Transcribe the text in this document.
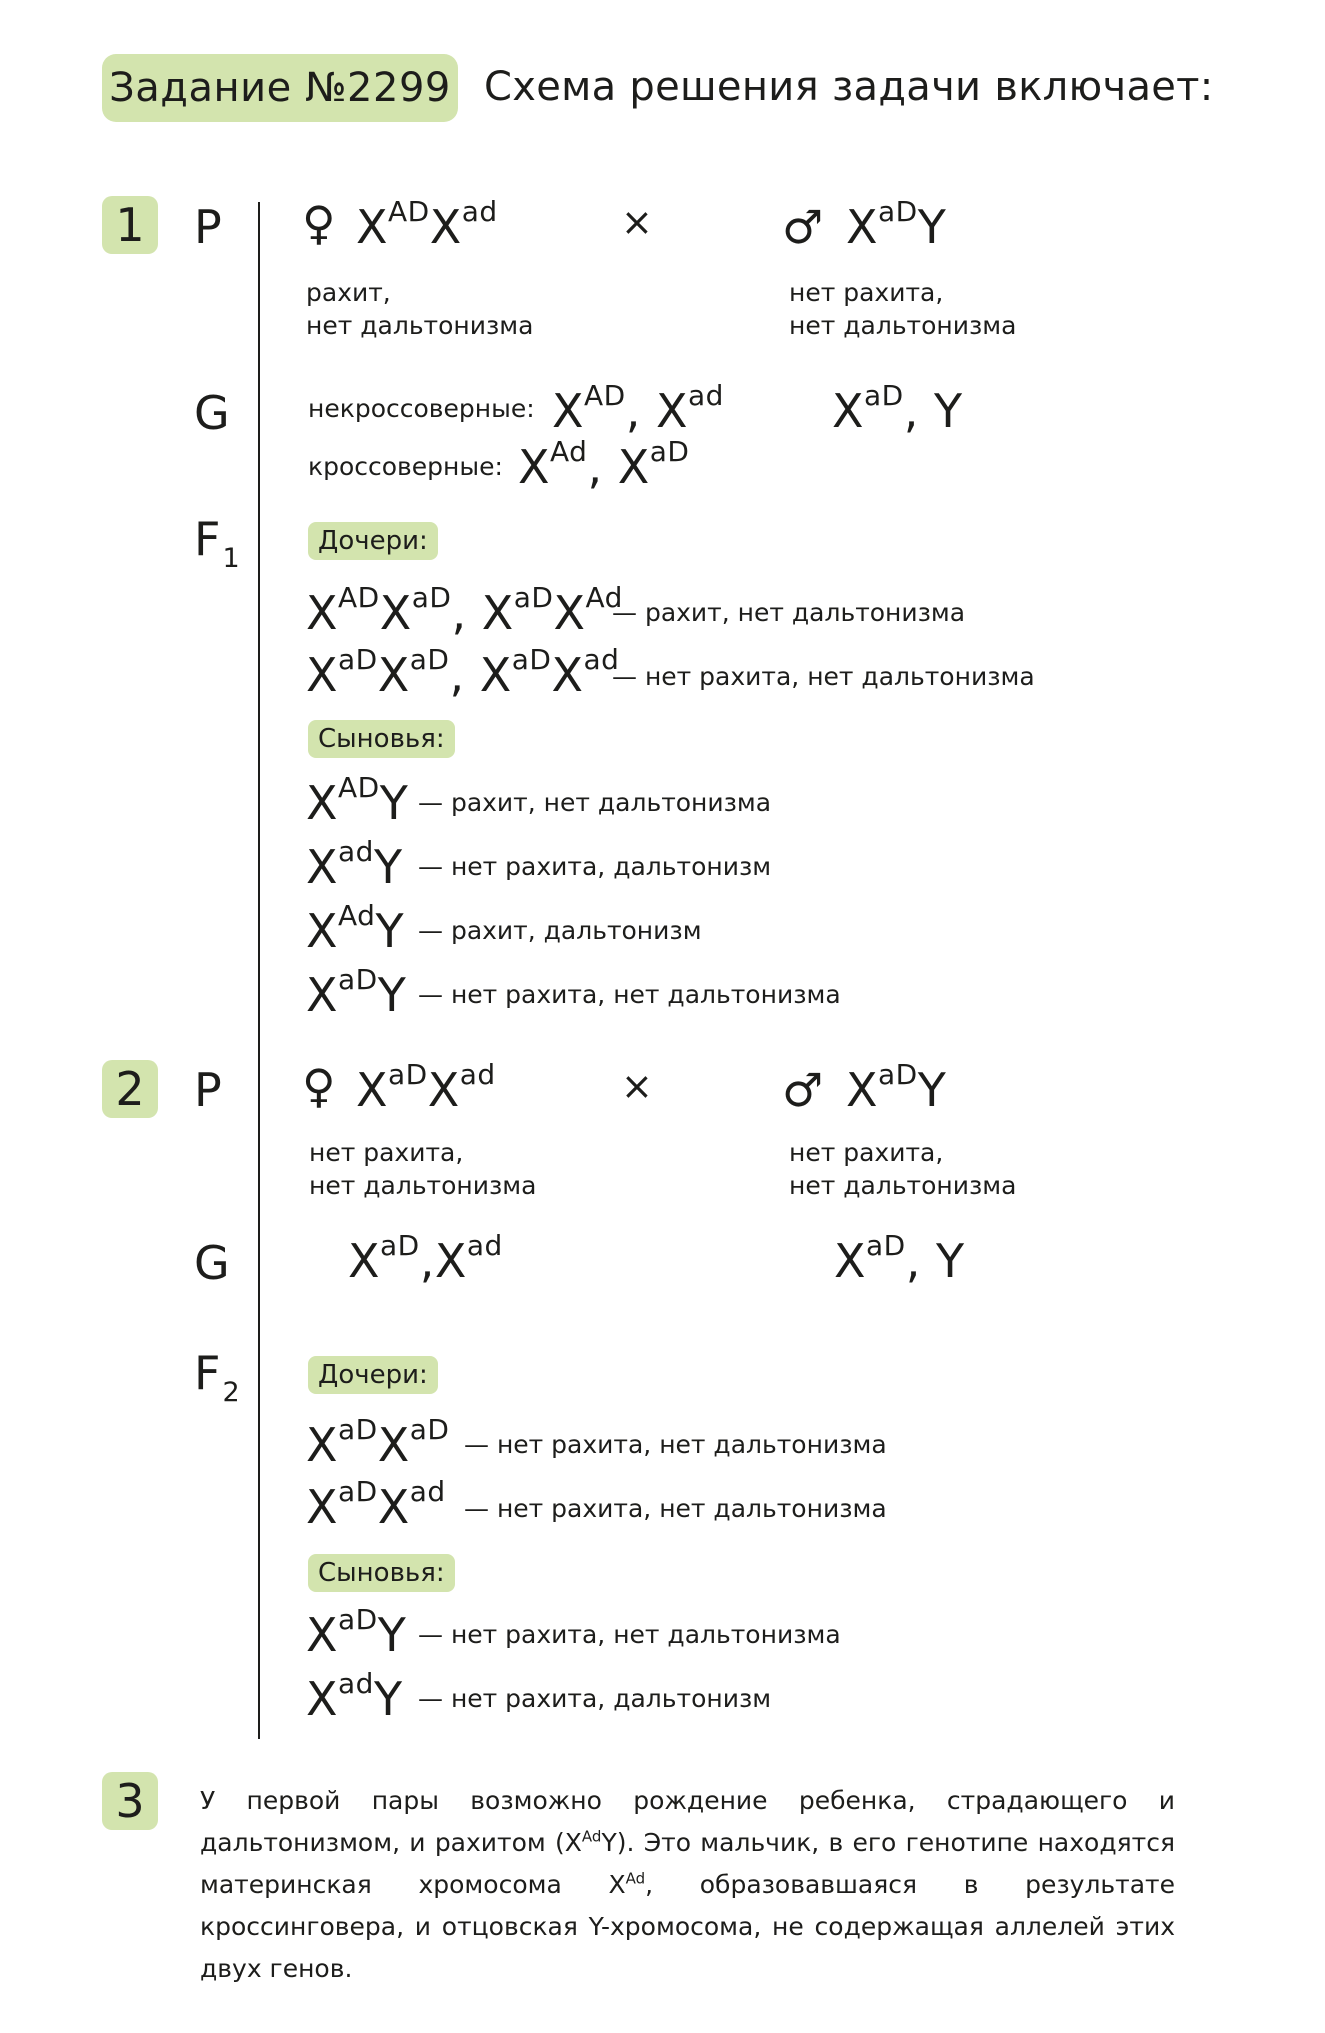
Задание №2299 Схема решения задачи включает:
1 P ♀ $X^{AD}X^{ad}$	×	♂ $X^{aD}Y$
рахит,
нет дальтонизма
нет рахита,
нет дальтонизма
G	некроссоверные: $X^{AD}$, $X^{ad}$ $X^{aD}$, Y
кроссоверные: $X^{Ad}$, $X^{aD}$
$F_1$
Дочери:
$X^{AD}X^{aD}$, $X^{aD}X^{Ad}$
— рахит, нет дальтонизма
$X^{aD}X^{aD}$, $X^{aD}X^{ad}$
— нет рахита, нет дальтонизма
Сыновья:
$X^{AD}Y$ — рахит, нет дальтонизма
$X^{ad}Y$ — нет рахита, дальтонизм
$X^{Ad}Y$ — рахит, дальтонизм
$X^{aD}Y$ — нет рахита, нет дальтонизма
2 P ♀ $X^{aD}X^{ad}$	×	♂ $X^{aD}Y$
нет рахита,
нет дальтонизма
нет рахита,
нет дальтонизма
G	$X^{aD},X^{ad}$	$X^{aD}$, Y
$F_2$
Дочери:
$X^{aD}X^{aD}$ — нет рахита, нет дальтонизма
$X^{aD}X^{ad}$
— нет рахита, нет дальтонизма
Сыновья:
$X^{aD}Y$ — нет рахита, нет дальтонизма
$X^{ad}Y$ — нет рахита, дальтонизм
3 У первой пары возможно рождение ребенка, страдающего и дальтонизмом, и рахитом $(X^{Ad}Y)$. Это мальчик, в его генотипе находятся материнская хромосома $X^{Ad}$, образовавшаяся в результате кроссинговера, и отцовская Y-хромосома, не содержащая аллелей этих двух генов.
